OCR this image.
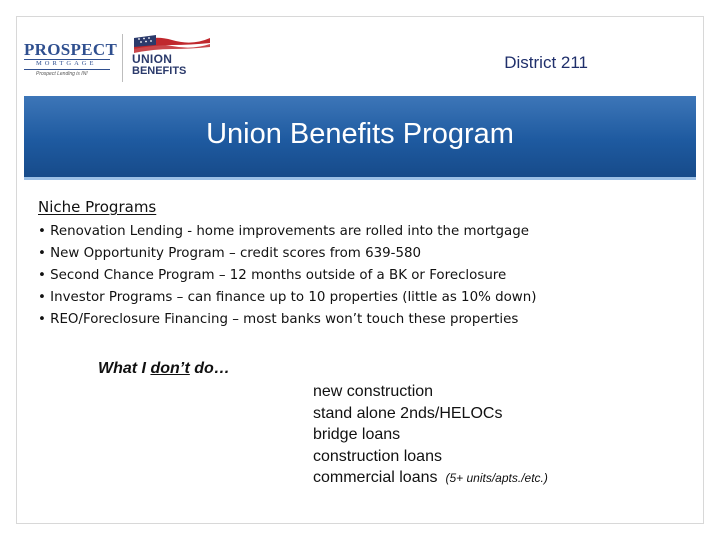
PROSPECT
MORTGAGE
Prospect Lending is IN!
UNION
BENEFITS	District 211
Union Benefits Program
Niche Programs
• Renovation Lending - home improvements are rolled into the mortgage
• New Opportunity Program – credit scores from 639-580
• Second Chance Program – 12 months outside of a BK or Foreclosure
• Investor Programs – can finance up to 10 properties (little as 10% down)
• REO/Foreclosure Financing – most banks won’t touch these properties
What I don’t do…
new construction
stand alone 2nds/HELOCs
bridge loans
construction loans
commercial loans (5+ units/apts./etc.)
